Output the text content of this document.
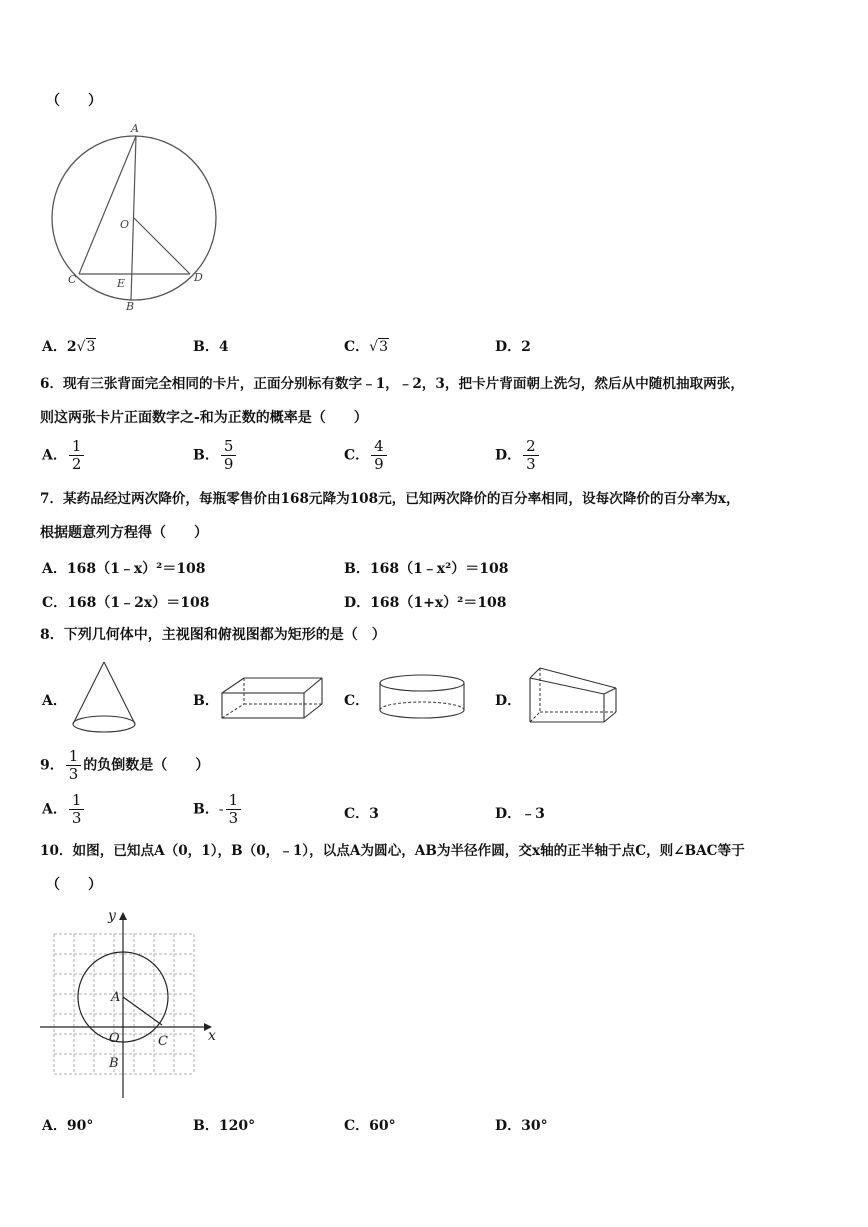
（　　）
A
O
C	D
E
B
A．2√3	B．4	C．√3	D．2
6．现有三张背面完全相同的卡片，正面分别标有数字﹣1，﹣2，3，把卡片背面朝上洗匀，然后从中随机抽取两张，
则这两张卡片正面数字之‑和为正数的概率是（　　）
A． $\frac{1}{2}$	B． $\frac{5}{9}$	C． $\frac{4}{9}$	D． $\frac{2}{3}$
7．某药品经过两次降价，每瓶零售价由168元降为108元，已知两次降价的百分率相同，设每次降价的百分率为x，
根据题意列方程得（　　）
A．168（1﹣x）²＝108	B．168（1﹣x²）＝108
C．168（1﹣2x）＝108	D．168（1+x）²＝108
8．下列几何体中，主视图和俯视图都为矩形的是（　）
A．	B．	C．	D．
9． $\frac{1}{3}$ 的负倒数是（　　）
A． $\frac{1}{3}$	B．- $\frac{1}{3}$	C．3	D．﹣3
10．如图，已知点A（0，1），B（0，﹣1），以点A为圆心，AB为半径作圆，交x轴的正半轴于点C，则∠BAC等于
（　　）
y
x
A
O
B
C
A．90°	B．120°	C．60°	D．30°
